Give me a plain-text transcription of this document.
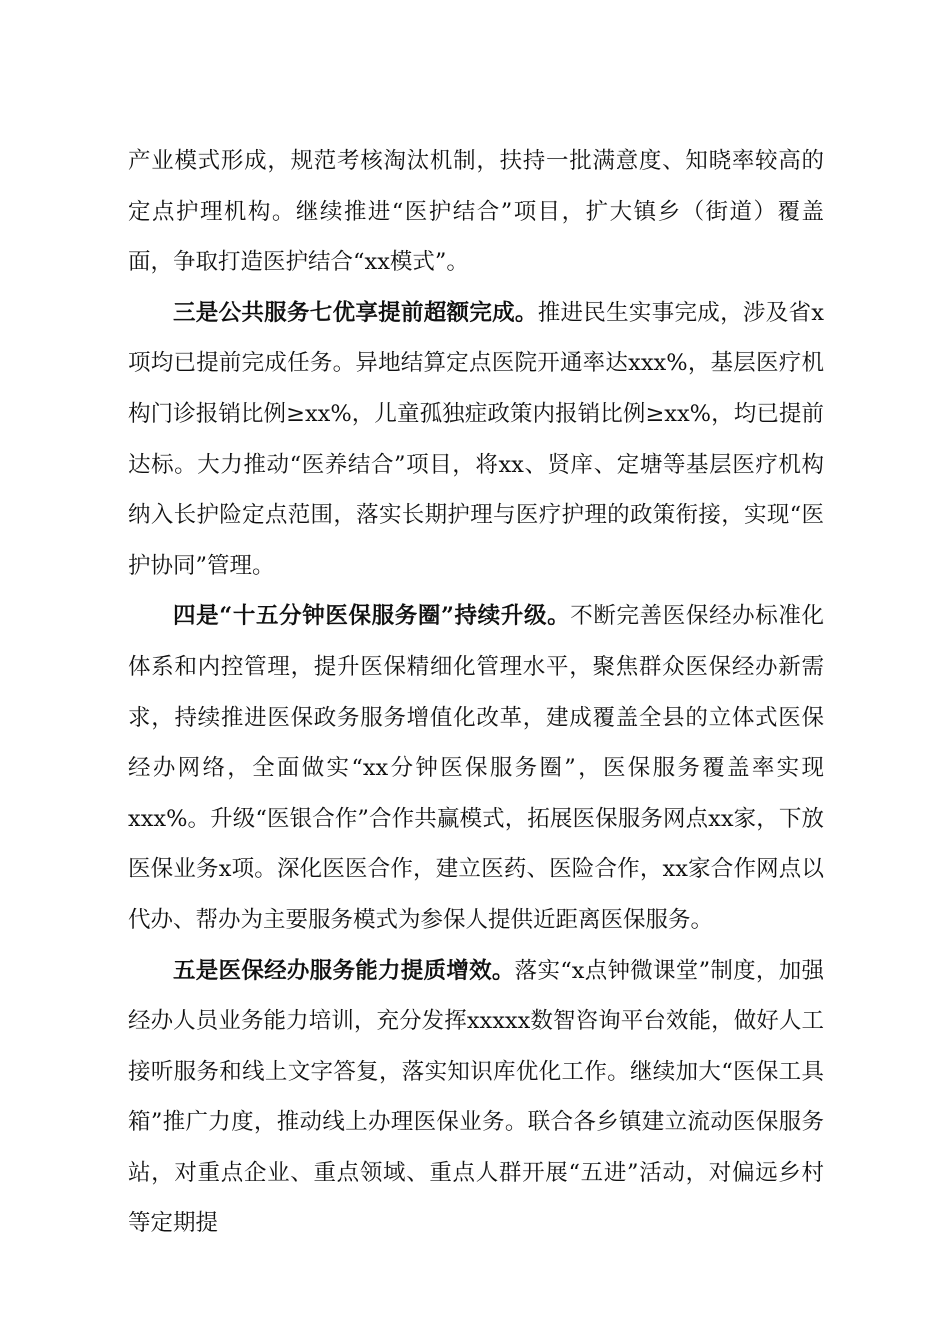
产业模式形成，规范考核淘汰机制，扶持一批满意度、知晓率较高的定点护理机构。继续推进“医护结合”项目，扩大镇乡（街道）覆盖面，争取打造医护结合“xx模式”。

三是公共服务七优享提前超额完成。推进民生实事完成，涉及省x项均已提前完成任务。异地结算定点医院开通率达xxx%，基层医疗机构门诊报销比例≥xx%，儿童孤独症政策内报销比例≥xx%，均已提前达标。大力推动“医养结合”项目，将xx、贤庠、定塘等基层医疗机构纳入长护险定点范围，落实长期护理与医疗护理的政策衔接，实现“医护协同”管理。

四是“十五分钟医保服务圈”持续升级。不断完善医保经办标准化体系和内控管理，提升医保精细化管理水平，聚焦群众医保经办新需求，持续推进医保政务服务增值化改革，建成覆盖全县的立体式医保经办网络，全面做实“xx分钟医保服务圈”，医保服务覆盖率实现xxx%。升级“医银合作”合作共赢模式，拓展医保服务网点xx家，下放医保业务x项。深化医医合作，建立医药、医险合作，xx家合作网点以代办、帮办为主要服务模式为参保人提供近距离医保服务。

五是医保经办服务能力提质增效。落实“x点钟微课堂”制度，加强经办人员业务能力培训，充分发挥xxxxx数智咨询平台效能，做好人工接听服务和线上文字答复，落实知识库优化工作。继续加大“医保工具箱”推广力度，推动线上办理医保业务。联合各乡镇建立流动医保服务站，对重点企业、重点领域、重点人群开展“五进”活动，对偏远乡村等定期提
